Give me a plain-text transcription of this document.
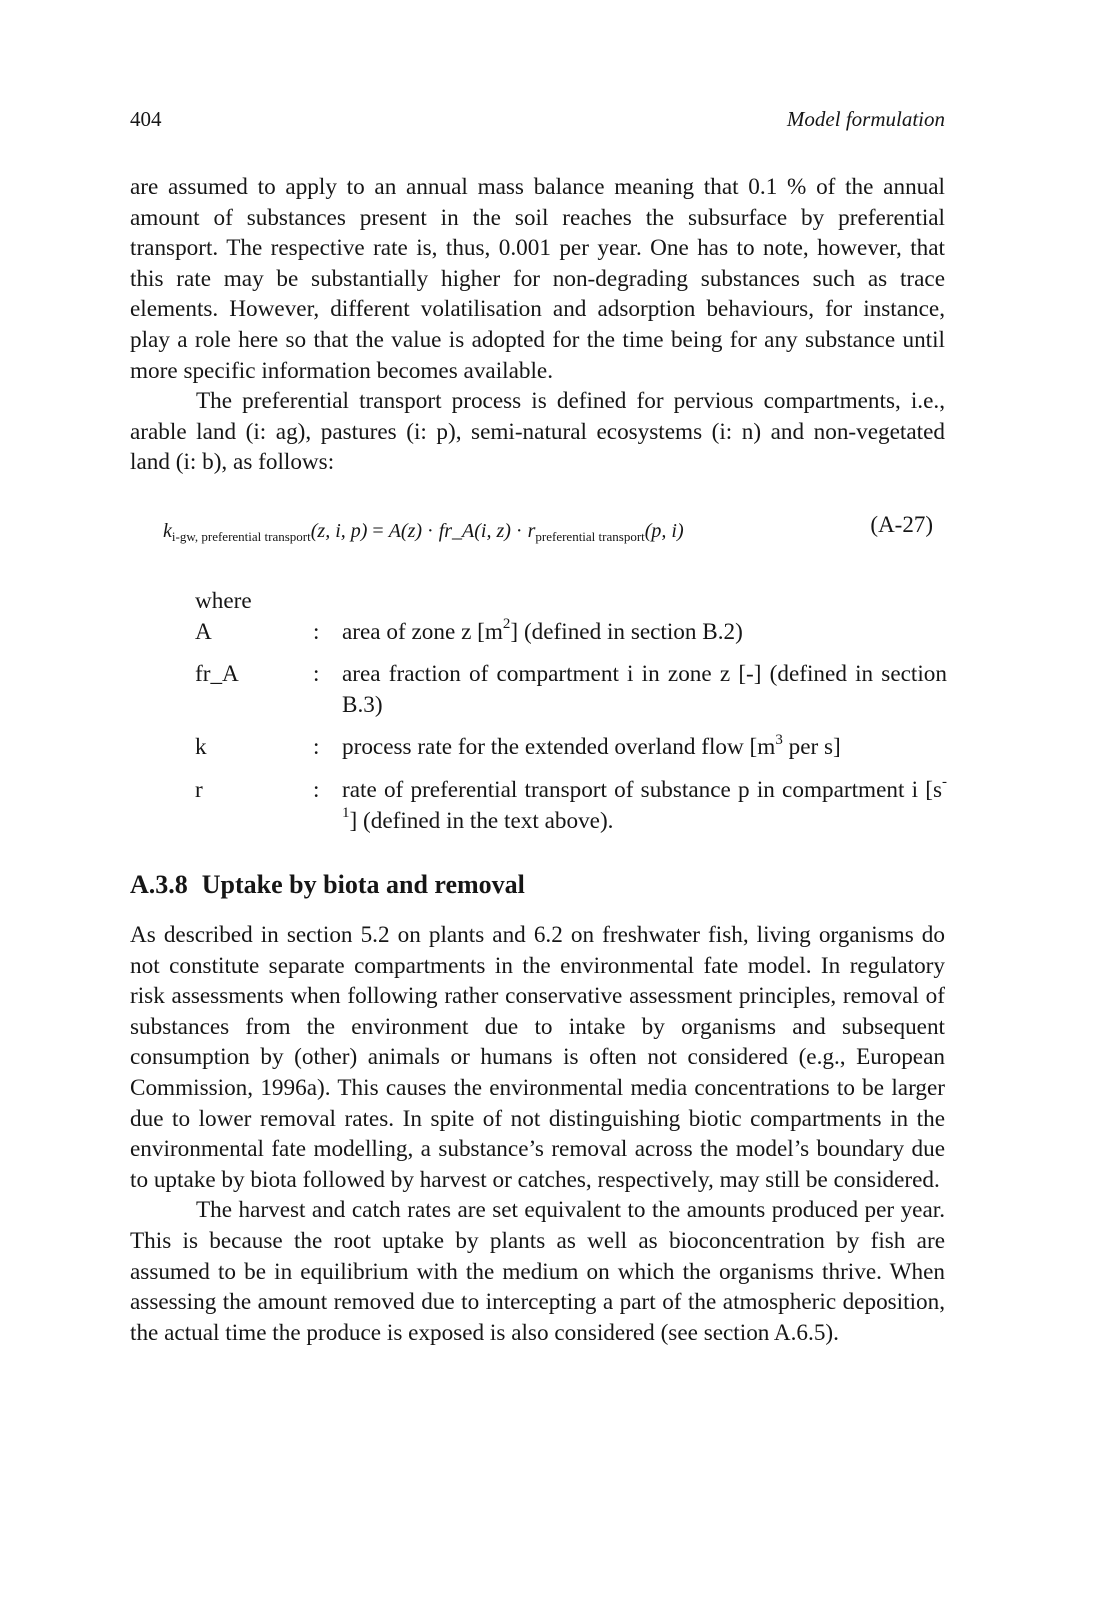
404	Model formulation

are assumed to apply to an annual mass balance meaning that 0.1 % of the annual amount of substances present in the soil reaches the subsurface by preferential transport. The respective rate is, thus, 0.001 per year. One has to note, however, that this rate may be substantially higher for non-degrading substances such as trace elements. However, different volatilisation and adsorption behaviours, for instance, play a role here so that the value is adopted for the time being for any substance until more specific information becomes available.

The preferential transport process is defined for pervious compartments, i.e., arable land (i: ag), pastures (i: p), semi-natural ecosystems (i: n) and non-vegetated land (i: b), as follows:

$k_{i-gw, preferential transport}(z$, i, p) = A(z) · fr_A(i, $z) \cdot r_{preferential transport}(p$, i)	(A-27)
where
A	: area of zone z $[m^2]$ (defined in section B.2)
fr_A	: area fraction of compartment i in zone z [-] (defined in section B.3)
k	: process rate for the extended overland flow [$m^3$ per s]
r	: rate of preferential transport of substance p in compartment i $[s^{-1}]$ (defined in the text above).
A.3.8 Uptake by biota and removal

As described in section 5.2 on plants and 6.2 on freshwater fish, living organisms do not constitute separate compartments in the environmental fate model. In regulatory risk assessments when following rather conservative assessment principles, removal of substances from the environment due to intake by organisms and subsequent consumption by (other) animals or humans is often not considered (e.g., European Commission, 1996a). This causes the environmental media concentrations to be larger due to lower removal rates. In spite of not distinguishing biotic compartments in the environmental fate modelling, a substance’s removal across the model’s boundary due to uptake by biota followed by harvest or catches, respectively, may still be considered.

The harvest and catch rates are set equivalent to the amounts produced per year. This is because the root uptake by plants as well as bioconcentration by fish are assumed to be in equilibrium with the medium on which the organisms thrive. When assessing the amount removed due to intercepting a part of the atmospheric deposition, the actual time the produce is exposed is also considered (see section A.6.5).
